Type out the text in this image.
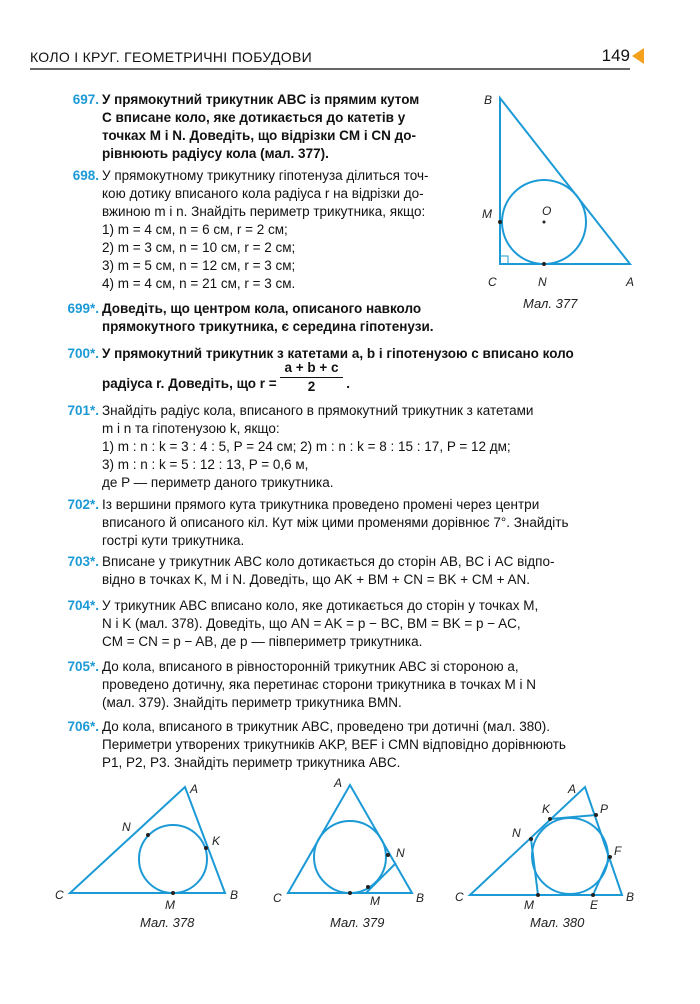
КОЛО І КРУГ. ГЕОМЕТРИЧНІ ПОБУДОВИ	149
697. У прямокутний трикутник ABC із прямим кутом
C вписане коло, яке дотикається до катетів у
точках M і N. Доведіть, що відрізки CM і CN до-
рівнюють радіусу кола (мал. 377).
698. У прямокутному трикутнику гіпотенуза ділиться точ-
кою дотику вписаного кола радіуса r на відрізки до-
вжиною m і n. Знайдіть периметр трикутника, якщо:
1) m = 4 см, n = 6 см, r = 2 см;
2) m = 3 см, n = 10 см, r = 2 см;
3) m = 5 см, n = 12 см, r = 3 см;
4) m = 4 см, n = 21 см, r = 3 см.
699*. Доведіть, що центром кола, описаного навколо
прямокутного трикутника, є середина гіпотенузи.
700*. У прямокутний трикутник з катетами a, b і гіпотенузою c вписано коло
радіуса r. Доведіть, що $r = \frac{a + b + c}{2}$ .
701*. Знайдіть радіус кола, вписаного в прямокутний трикутник з катетами
m і n та гіпотенузою k, якщо:
1) m : n : k = 3 : 4 : 5, P = 24 см; 2) m : n : k = 8 : 15 : 17, P = 12 дм;
3) m : n : k = 5 : 12 : 13, P = 0,6 м,
де P — периметр даного трикутника.
702*. Із вершини прямого кута трикутника проведено промені через центри
вписаного й описаного кіл. Кут між цими променями дорівнює 7°. Знайдіть
гострі кути трикутника.
703*. Вписане у трикутник ABC коло дотикається до сторін AB, BC і AC відпо-
відно в точках K, M і N. Доведіть, що AK + BM + CN = BK + CM + AN.
704*. У трикутник ABC вписано коло, яке дотикається до сторін у точках M,
N і K (мал. 378). Доведіть, що AN = AK = p − BC, BM = BK = p − AC,
CM = CN = p − AB, де p — півпериметр трикутника.
705*. До кола, вписаного в рівносторонній трикутник ABC зі стороною a,
проведено дотичну, яка перетинає сторони трикутника в точках M і N
(мал. 379). Знайдіть периметр трикутника BMN.
706*. До кола, вписаного в трикутник ABC, проведено три дотичні (мал. 380).
Периметри утворених трикутників AKP, BEF і CMN відповідно дорівнюють
P1, P2, P3. Знайдіть периметр трикутника ABC.
B
M	O
C	N	A
Мал. 377
A
N
K
C
M
B
Мал. 378
A
N
C	M	B
Мал. 379
A
K	P
N
F
C
M	E
B
Мал. 380
